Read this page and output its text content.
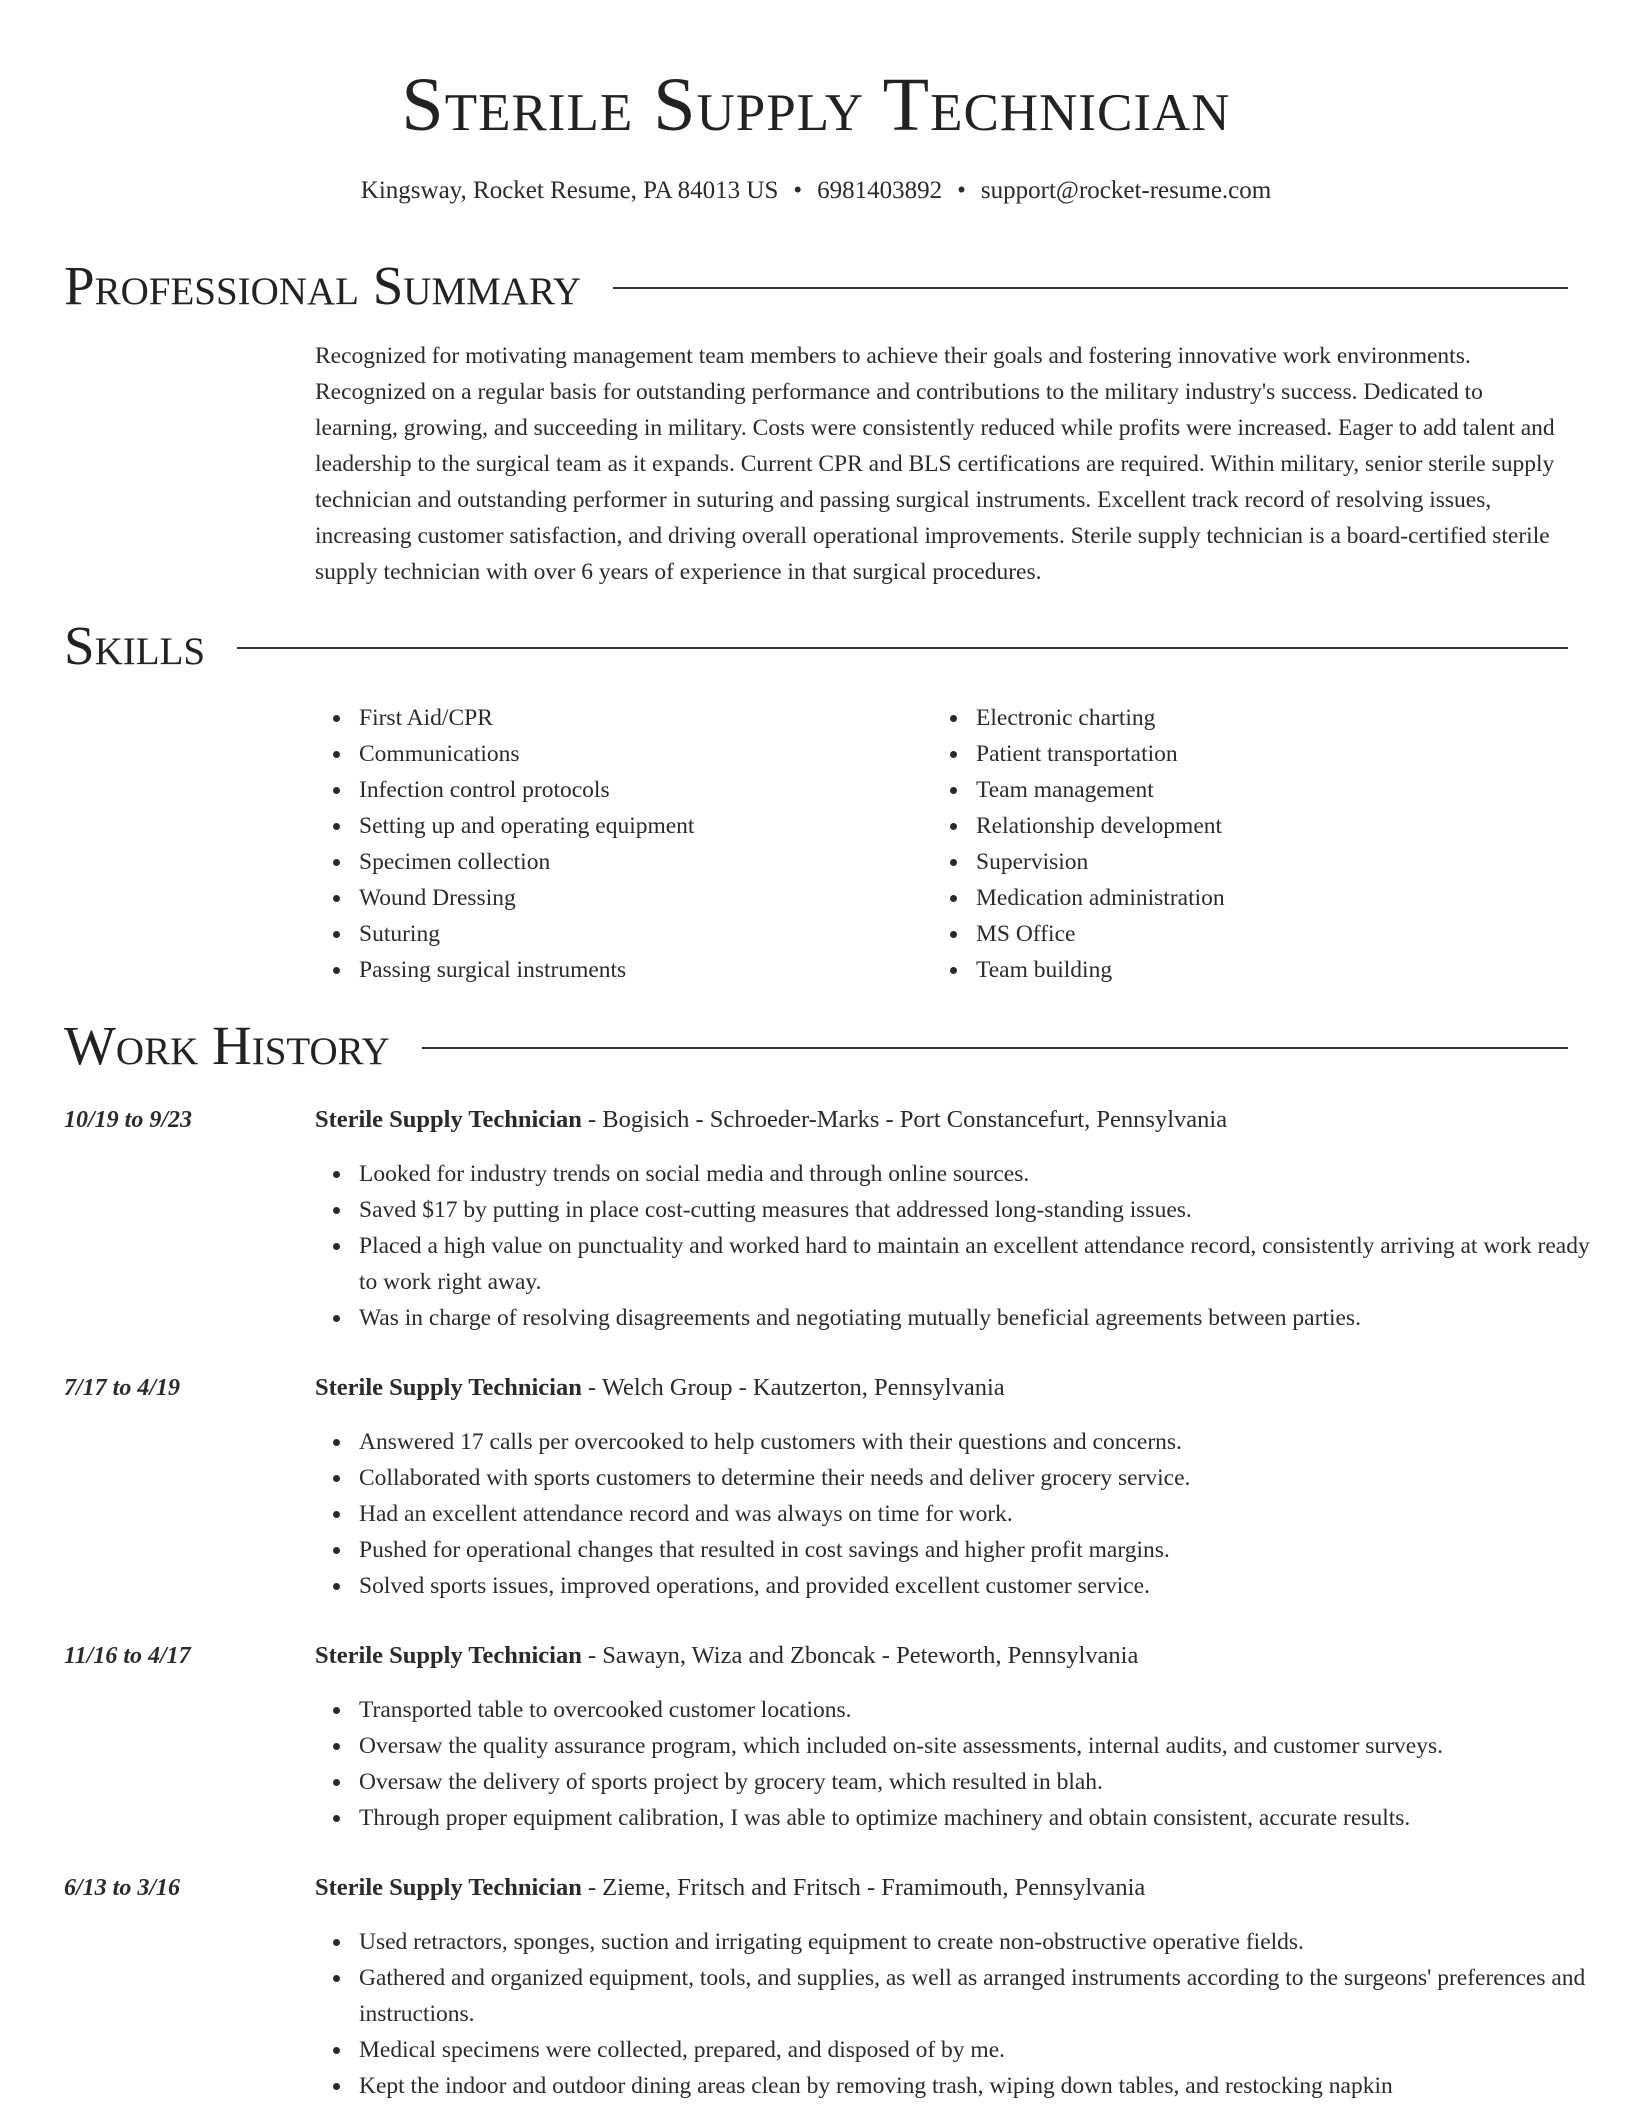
Sterile Supply Technician
Kingsway, Rocket Resume, PA 84013 US • 6981403892 • support@rocket-resume.com
Professional Summary

Recognized for motivating management team members to achieve their goals and fostering innovative work environments. Recognized on a regular basis for outstanding performance and contributions to the military industry's success. Dedicated to learning, growing, and succeeding in military. Costs were consistently reduced while profits were increased. Eager to add talent and leadership to the surgical team as it expands. Current CPR and BLS certifications are required. Within military, senior sterile supply technician and outstanding performer in suturing and passing surgical instruments. Excellent track record of resolving issues, increasing customer satisfaction, and driving overall operational improvements. Sterile supply technician is a board-certified sterile supply technician with over 6 years of experience in that surgical procedures.

Skills
First Aid/CPR
Communications
Infection control protocols
Setting up and operating equipment
Specimen collection
Wound Dressing
Suturing
Passing surgical instruments
Electronic charting
Patient transportation
Team management
Relationship development
Supervision
Medication administration
MS Office
Team building
Work History
10/19 to 9/23	Sterile Supply Technician - Bogisich - Schroeder-Marks - Port Constancefurt, Pennsylvania
Looked for industry trends on social media and through online sources.
Saved $17 by putting in place cost-cutting measures that addressed long-standing issues.
Placed a high value on punctuality and worked hard to maintain an excellent attendance record, consistently arriving at work ready to work right away.
Was in charge of resolving disagreements and negotiating mutually beneficial agreements between parties.
7/17 to 4/19	Sterile Supply Technician - Welch Group - Kautzerton, Pennsylvania
Answered 17 calls per overcooked to help customers with their questions and concerns.
Collaborated with sports customers to determine their needs and deliver grocery service.
Had an excellent attendance record and was always on time for work.
Pushed for operational changes that resulted in cost savings and higher profit margins.
Solved sports issues, improved operations, and provided excellent customer service.
11/16 to 4/17	Sterile Supply Technician - Sawayn, Wiza and Zboncak - Peteworth, Pennsylvania
Transported table to overcooked customer locations.
Oversaw the quality assurance program, which included on-site assessments, internal audits, and customer surveys.
Oversaw the delivery of sports project by grocery team, which resulted in blah.
Through proper equipment calibration, I was able to optimize machinery and obtain consistent, accurate results.
6/13 to 3/16	Sterile Supply Technician - Zieme, Fritsch and Fritsch - Framimouth, Pennsylvania
Used retractors, sponges, suction and irrigating equipment to create non-obstructive operative fields.
Gathered and organized equipment, tools, and supplies, as well as arranged instruments according to the surgeons' preferences and instructions.
Medical specimens were collected, prepared, and disposed of by me.
Kept the indoor and outdoor dining areas clean by removing trash, wiping down tables, and restocking napkin
